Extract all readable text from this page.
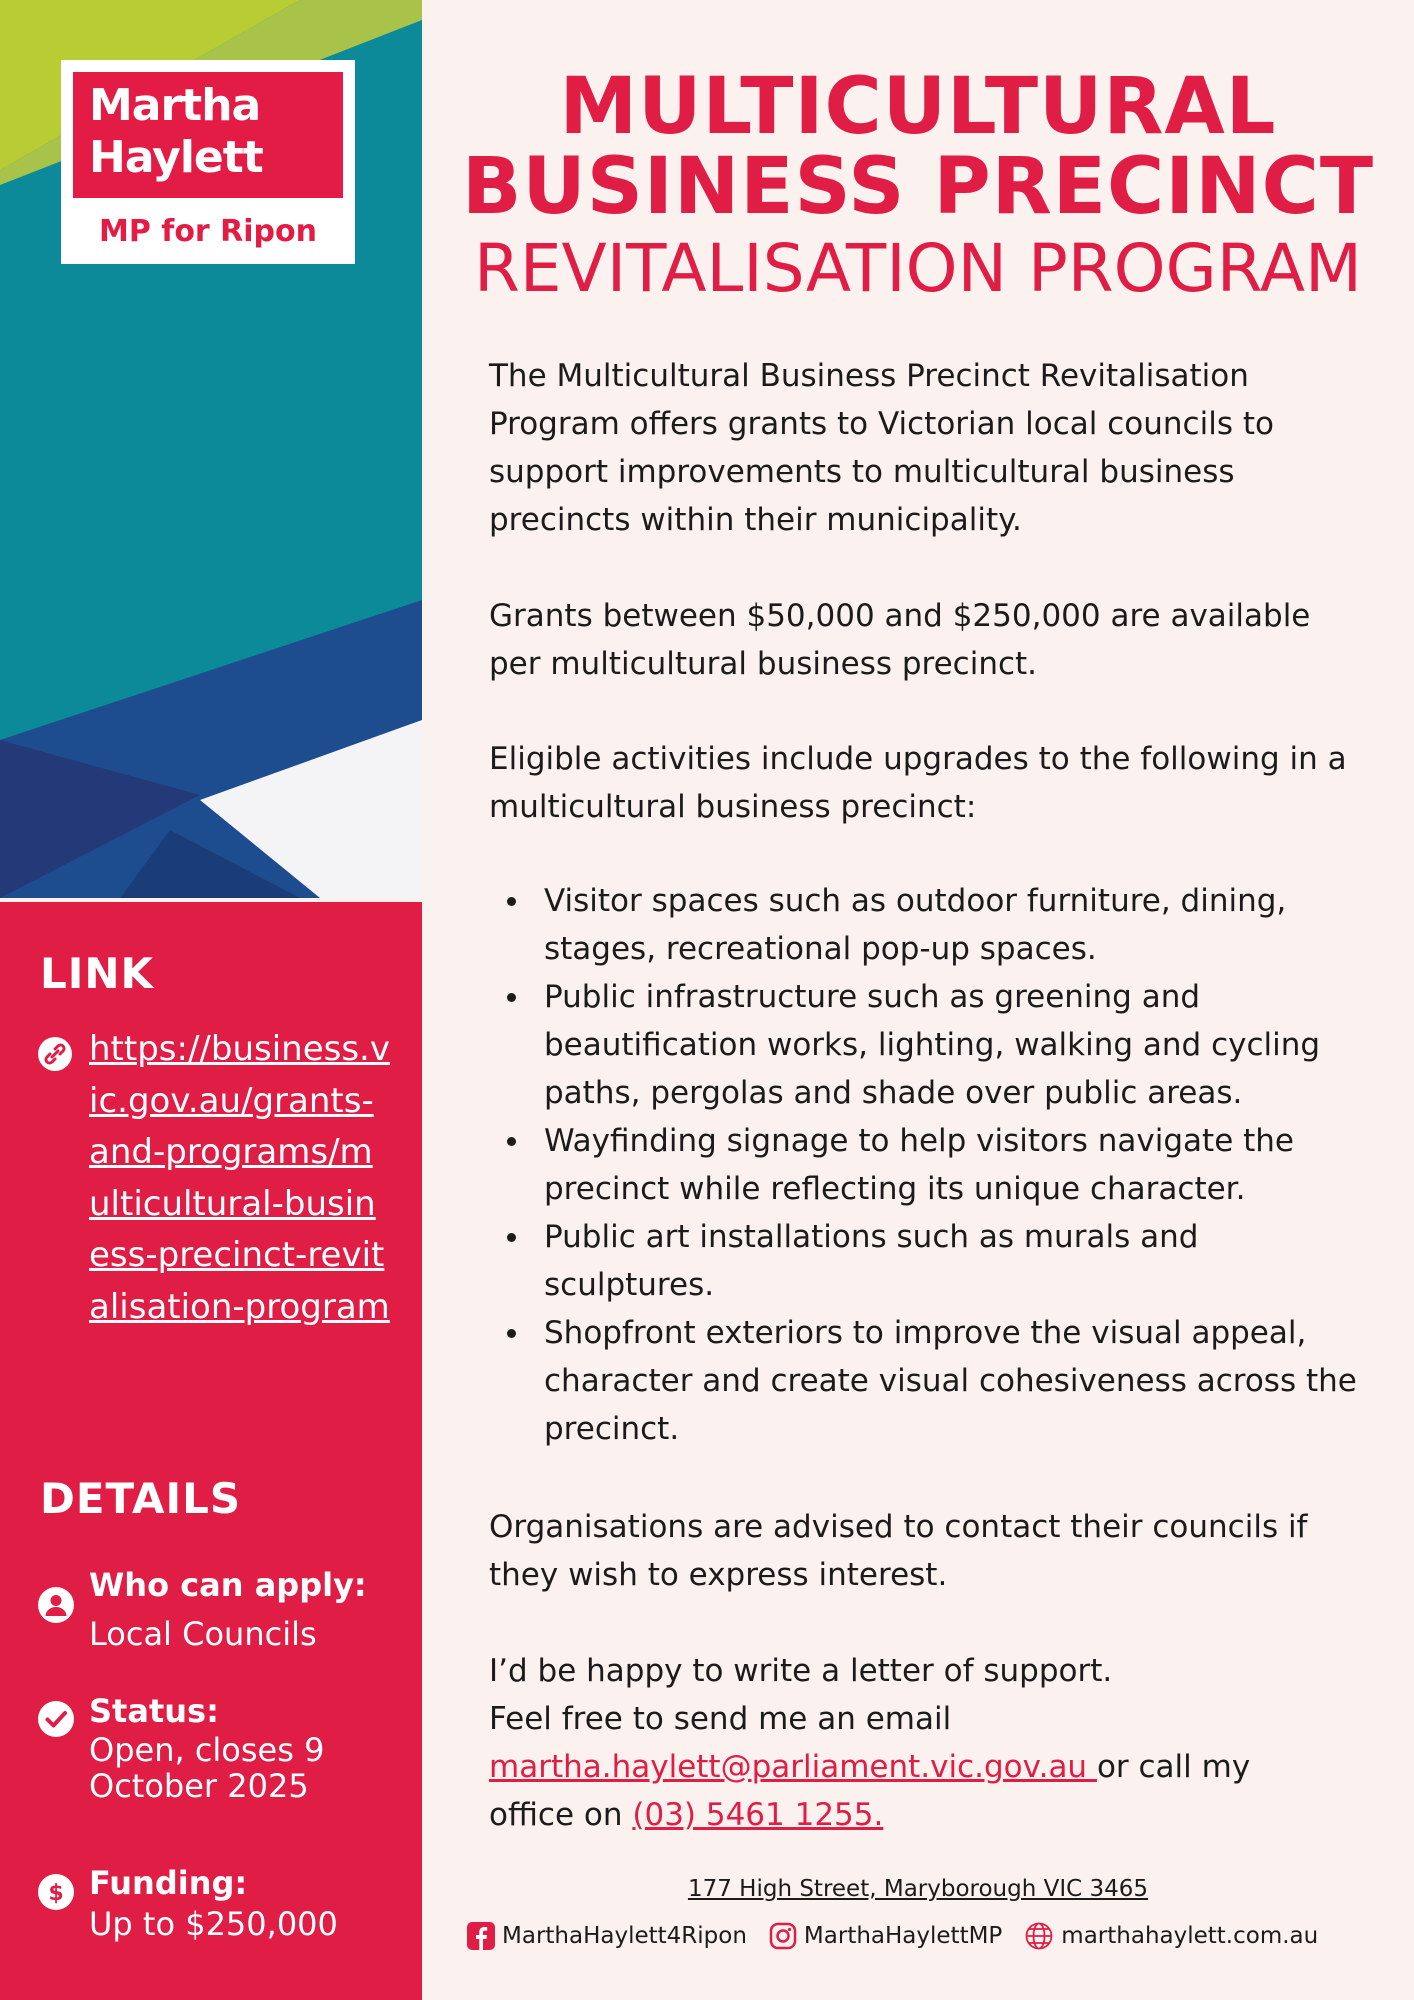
Martha
Haylett
MP for Ripon
LINK
https://business.vic.gov.au/grants-and-programs/multicultural-business-precinct-revitalisation-program
DETAILS
Who can apply:
Local Councils
Status:
Open, closes 9 October 2025
$ Funding:
Up to $250,000
MULTICULTURAL
BUSINESS PRECINCT
REVITALISATION PROGRAM
The Multicultural Business Precinct Revitalisation Program offers grants to Victorian local councils to support improvements to multicultural business precincts within their municipality.
Grants between $50,000 and $250,000 are available per multicultural business precinct.
Eligible activities include upgrades to the following in a multicultural business precinct:
Visitor spaces such as outdoor furniture, dining, stages, recreational pop-up spaces.
Public infrastructure such as greening and beautification works, lighting, walking and cycling paths, pergolas and shade over public areas.
Wayfinding signage to help visitors navigate the precinct while reflecting its unique character.
Public art installations such as murals and sculptures.
Shopfront exteriors to improve the visual appeal, character and create visual cohesiveness across the precinct.
Organisations are advised to contact their councils if they wish to express interest.
I’d be happy to write a letter of support.
Feel free to send me an email
martha.haylett@parliament.vic.gov.au or call my
office on (03) 5461 1255.
177 High Street, Maryborough VIC 3465
MarthaHaylett4Ripon MarthaHaylettMP	marthahaylett.com.au
